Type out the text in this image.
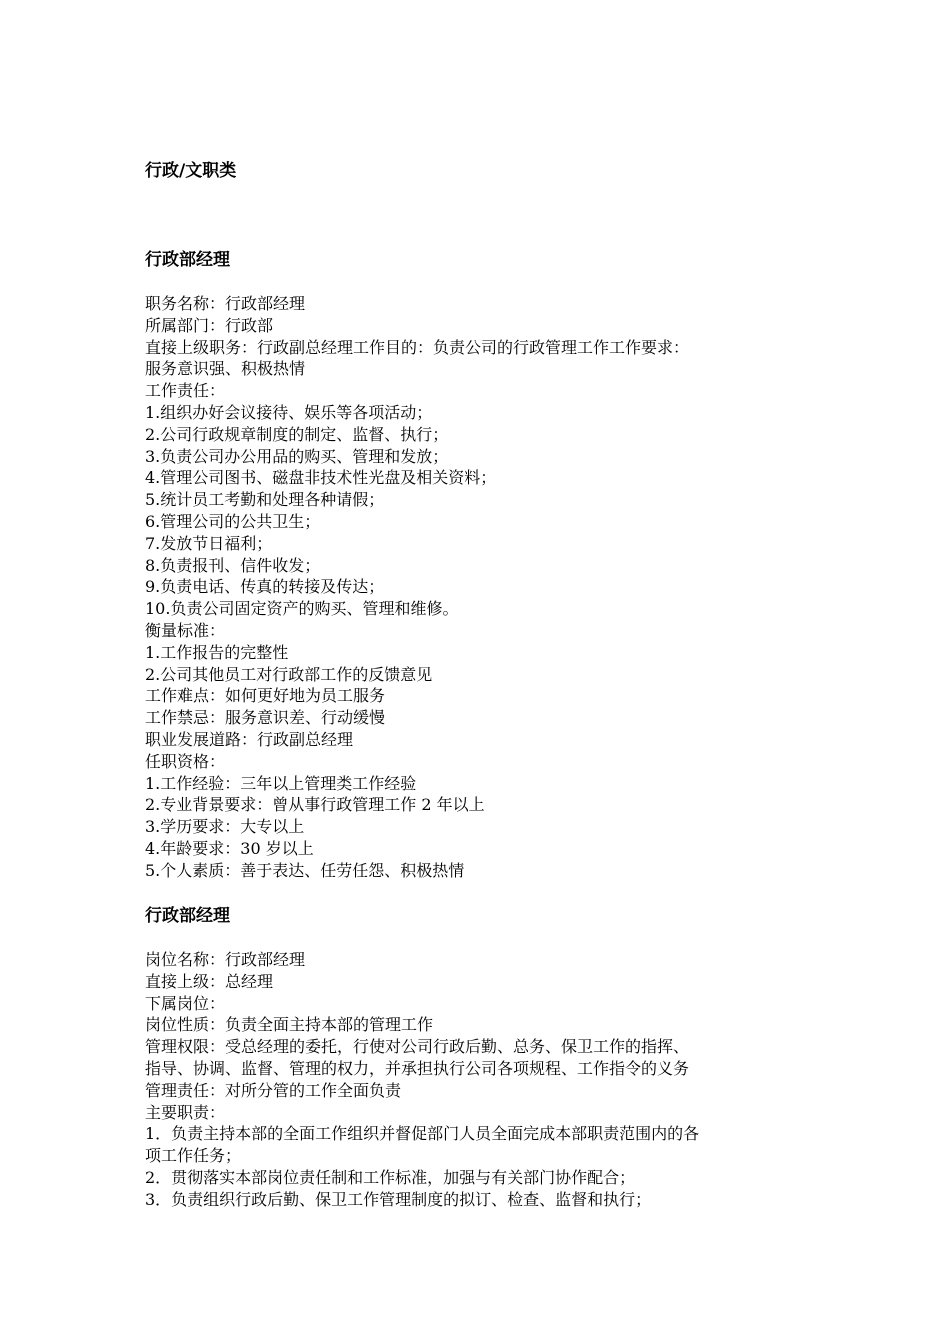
行政/文职类
行政部经理
职务名称：行政部经理
所属部门：行政部
直接上级职务：行政副总经理工作目的：负责公司的行政管理工作工作要求：
服务意识强、积极热情
工作责任：
1.组织办好会议接待、娱乐等各项活动；
2.公司行政规章制度的制定、监督、执行；
3.负责公司办公用品的购买、管理和发放；
4.管理公司图书、磁盘非技术性光盘及相关资料；
5.统计员工考勤和处理各种请假；
6.管理公司的公共卫生；
7.发放节日福利；
8.负责报刊、信件收发；
9.负责电话、传真的转接及传达；
10.负责公司固定资产的购买、管理和维修。
衡量标准：
1.工作报告的完整性
2.公司其他员工对行政部工作的反馈意见
工作难点：如何更好地为员工服务
工作禁忌：服务意识差、行动缓慢
职业发展道路：行政副总经理
任职资格：
1.工作经验：三年以上管理类工作经验
2.专业背景要求：曾从事行政管理工作 2 年以上
3.学历要求：大专以上
4.年龄要求：30 岁以上
5.个人素质：善于表达、任劳任怨、积极热情
行政部经理
岗位名称：行政部经理
直接上级：总经理
下属岗位：
岗位性质：负责全面主持本部的管理工作
管理权限：受总经理的委托，行使对公司行政后勤、总务、保卫工作的指挥、
指导、协调、监督、管理的权力，并承担执行公司各项规程、工作指令的义务
管理责任：对所分管的工作全面负责
主要职责：
1．负责主持本部的全面工作组织并督促部门人员全面完成本部职责范围内的各
项工作任务；
2．贯彻落实本部岗位责任制和工作标准，加强与有关部门协作配合；
3．负责组织行政后勤、保卫工作管理制度的拟订、检查、监督和执行；
